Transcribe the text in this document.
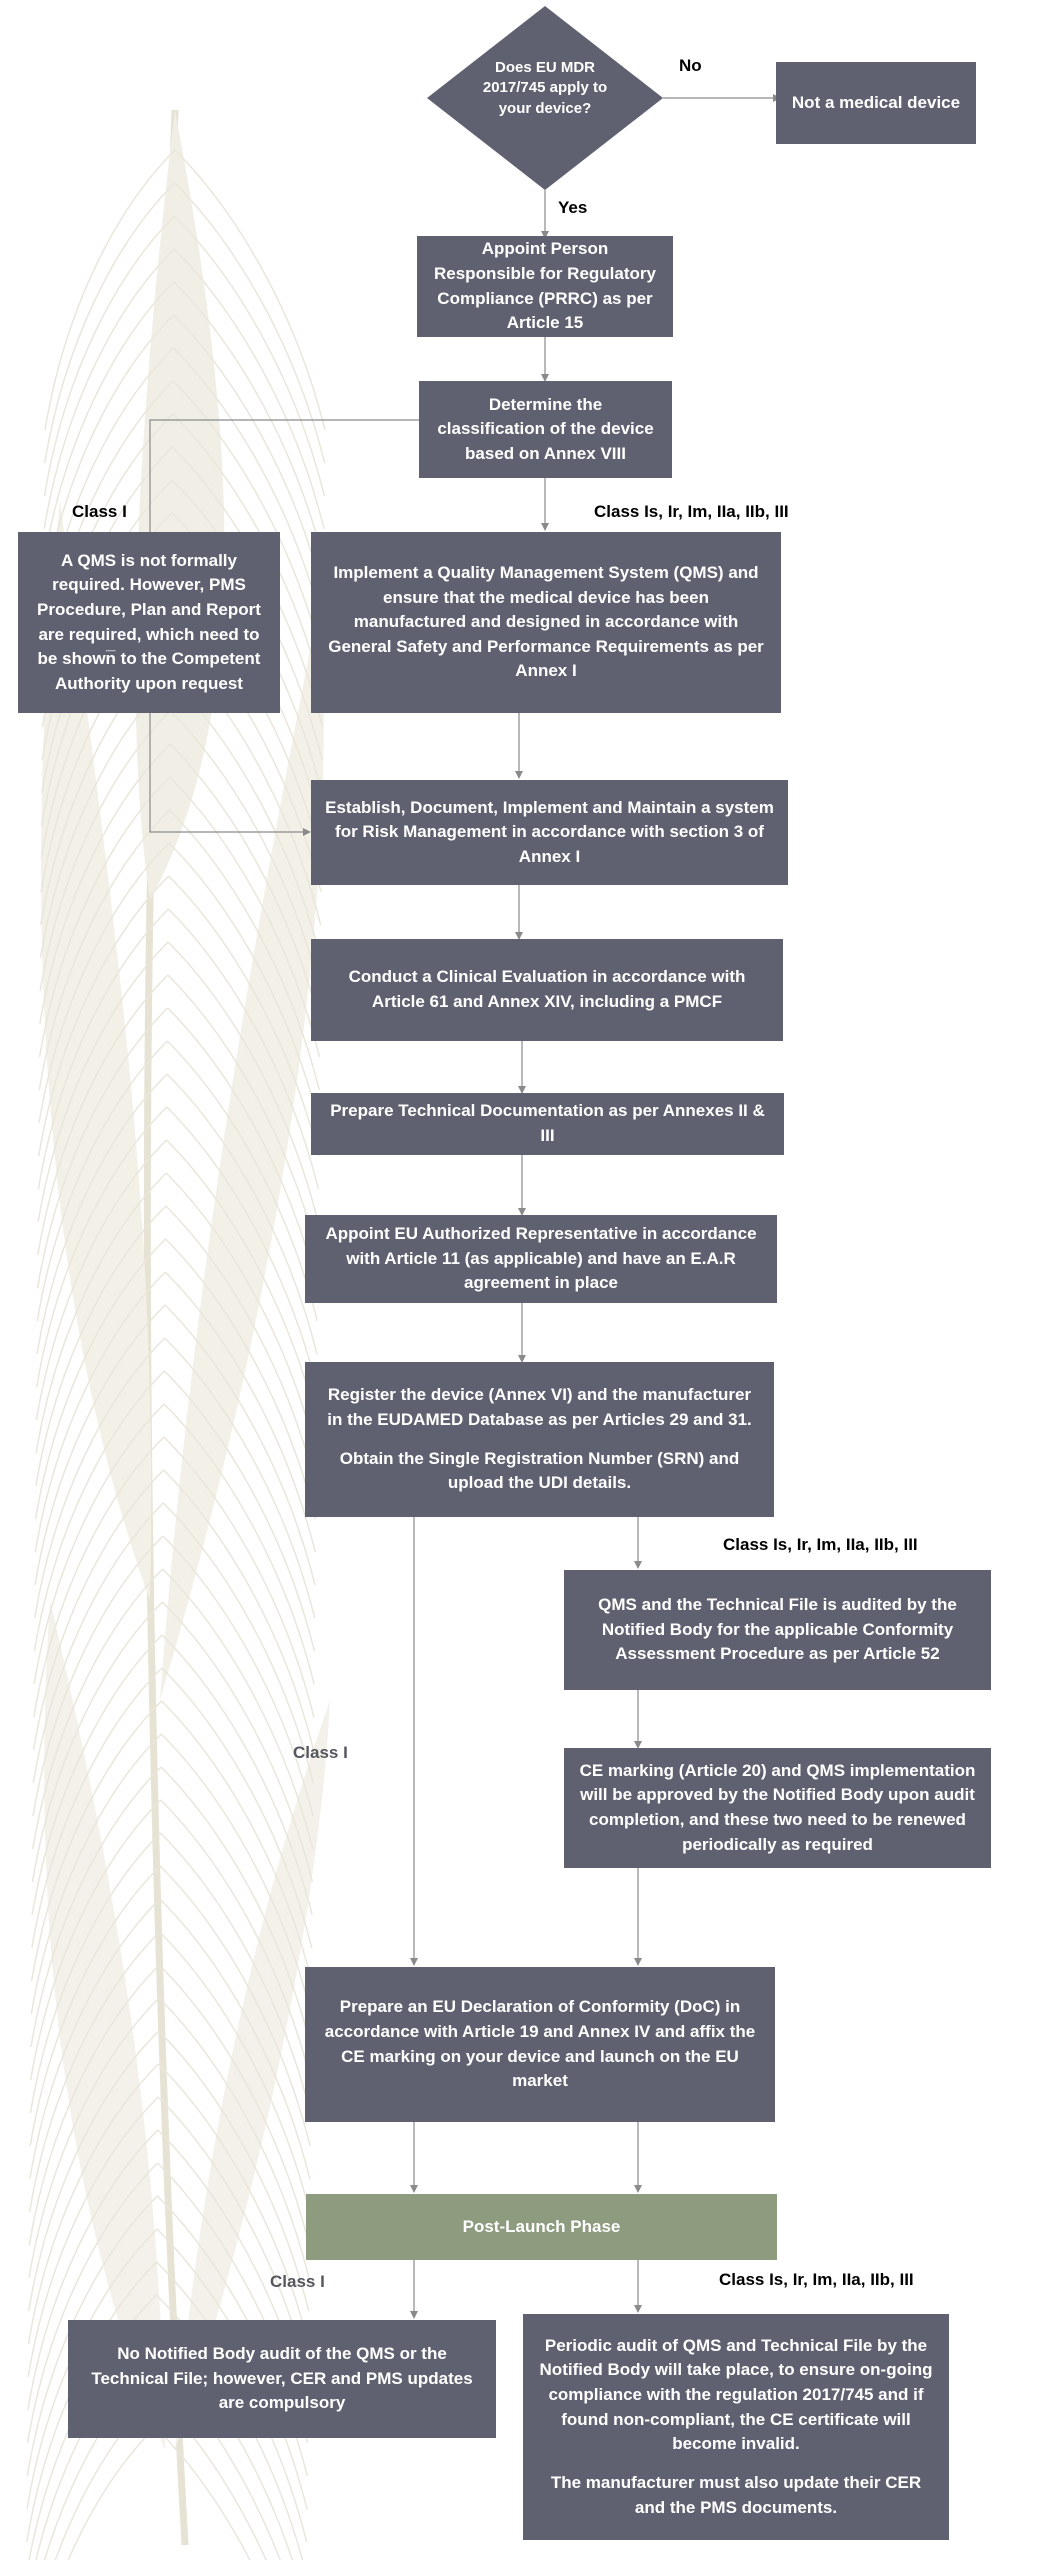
Does EU MDR 2017/745 apply to your device?
No
Yes

Not a medical device

Appoint Person Responsible for Regulatory Compliance (PRRC) as per Article 15

Determine the classification of the device based on Annex VIII

Class I	Class Is, Ir, Im, IIa, IIb, III

A QMS is not formally required. However, PMS Procedure, Plan and Report are required, which need to be shown̅ to the Competent Authority upon request

Implement a Quality Management System (QMS) and ensure that the medical device has been manufactured and designed in accordance with General Safety and Performance Requirements as per Annex I

Establish, Document, Implement and Maintain a system for Risk Management in accordance with section 3 of Annex I

Conduct a Clinical Evaluation in accordance with Article 61 and Annex XIV, including a PMCF

Prepare Technical Documentation as per Annexes II & III

Appoint EU Authorized Representative in accordance with Article 11 (as applicable) and have an E.A.R agreement in place

Register the device (Annex VI) and the manufacturer in the EUDAMED Database as per Articles 29 and 31.

Obtain the Single Registration Number (SRN) and upload the UDI details.

Class Is, Ir, Im, IIa, IIb, III
Class I

QMS and the Technical File is audited by the Notified Body for the applicable Conformity Assessment Procedure as per Article 52

CE marking (Article 20) and QMS implementation will be approved by the Notified Body upon audit completion, and these two need to be renewed periodically as required

Prepare an EU Declaration of Conformity (DoC) in accordance with Article 19 and Annex IV and affix the CE marking on your device and launch on the EU market

Post-Launch Phase

Class I	Class Is, Ir, Im, IIa, IIb, III

No Notified Body audit of the QMS or the Technical File; however, CER and PMS updates are compulsory

Periodic audit of QMS and Technical File by the Notified Body will take place, to ensure on-going compliance with the regulation 2017/745 and if found non-compliant, the CE certificate will become invalid.

The manufacturer must also update their CER and the PMS documents.
